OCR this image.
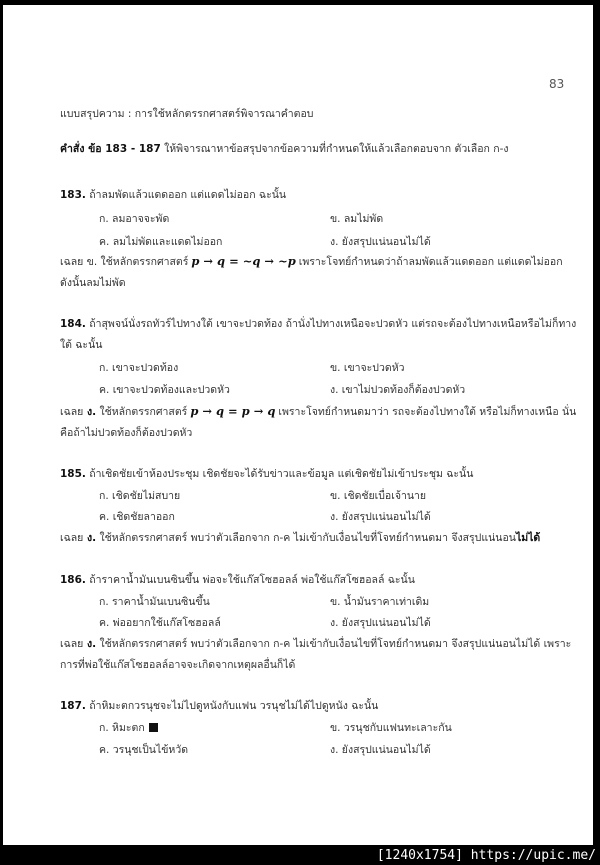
83
แบบสรุปความ : การใช้หลักตรรกศาสตร์พิจารณาคำตอบ
คำสั่ง ข้อ 183 - 187 ให้พิจารณาหาข้อสรุปจากข้อความที่กำหนดให้แล้วเลือกตอบจาก ตัวเลือก ก-ง
183. ถ้าลมพัดแล้วแดดออก แต่แดดไม่ออก ฉะนั้น
ก. ลมอาจจะพัด	ข. ลมไม่พัด
ค. ลมไม่พัดและแดดไม่ออก	ง. ยังสรุปแน่นอนไม่ได้
เฉลย ข. ใช้หลักตรรกศาสตร์ p → q = ~q → ~p เพราะโจทย์กำหนดว่าถ้าลมพัดแล้วแดดออก แต่แดดไม่ออก
ดังนั้นลมไม่พัด
184. ถ้าสุพจน์นั่งรถทัวร์ไปทางใต้ เขาจะปวดท้อง ถ้านั่งไปทางเหนือจะปวดหัว แต่รถจะต้องไปทางเหนือหรือไม่ก็ทาง
ใต้ ฉะนั้น
ก. เขาจะปวดท้อง	ข. เขาจะปวดหัว
ค. เขาจะปวดท้องและปวดหัว	ง. เขาไม่ปวดท้องก็ต้องปวดหัว
เฉลย ง. ใช้หลักตรรกศาสตร์ p → q = p → q เพราะโจทย์กำหนดมาว่า รถจะต้องไปทางใต้ หรือไม่ก็ทางเหนือ นั่น
คือถ้าไม่ปวดท้องก็ต้องปวดหัว
185. ถ้าเชิดชัยเข้าห้องประชุม เชิดชัยจะได้รับข่าวและข้อมูล แต่เชิดชัยไม่เข้าประชุม ฉะนั้น
ก. เชิดชัยไม่สบาย	ข. เชิดชัยเบื่อเจ้านาย
ค. เชิดชัยลาออก	ง. ยังสรุปแน่นอนไม่ได้
เฉลย ง. ใช้หลักตรรกศาสตร์ พบว่าตัวเลือกจาก ก-ค ไม่เข้ากับเงื่อนไขที่โจทย์กำหนดมา จึงสรุปแน่นอนไม่ได้
186. ถ้าราคาน้ำมันเบนซินขึ้น พ่อจะใช้แก๊สโซฮอลล์ พ่อใช้แก๊สโซฮอลล์ ฉะนั้น
ก. ราคาน้ำมันเบนซินขึ้น	ข. น้ำมันราคาเท่าเดิม
ค. พ่ออยากใช้แก๊สโซฮอลล์	ง. ยังสรุปแน่นอนไม่ได้
เฉลย ง. ใช้หลักตรรกศาสตร์ พบว่าตัวเลือกจาก ก-ค ไม่เข้ากับเงื่อนไขที่โจทย์กำหนดมา จึงสรุปแน่นอนไม่ได้ เพราะ
การที่พ่อใช้แก๊สโซฮอลล์อาจจะเกิดจากเหตุผลอื่นก็ได้
187. ถ้าหิมะตกวรนุชจะไม่ไปดูหนังกับแฟน วรนุชไม่ได้ไปดูหนัง ฉะนั้น
ก. หิมะตก	ข. วรนุชกับแฟนทะเลาะกัน
ค. วรนุชเป็นไข้หวัด	ง. ยังสรุปแน่นอนไม่ได้
[1240x1754] https://upic.me/
